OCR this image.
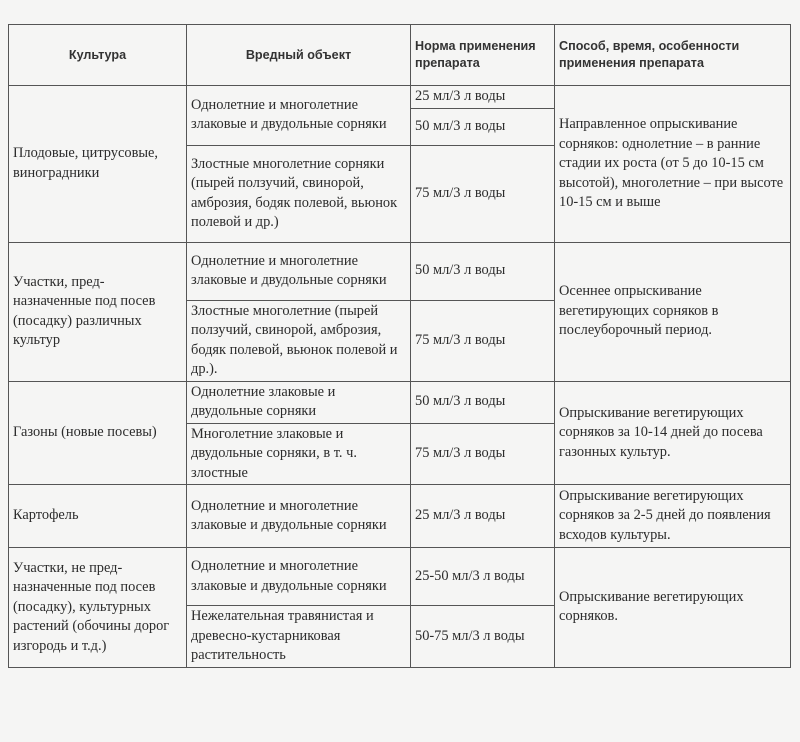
Культура	Вредный объект	Норма применения препарата	Способ, время, особенности применения препарата
Плодовые, цитрусовые, виноградники	Однолетние и многолетние злаковые и двудольные сорняки	25 мл/3 л воды	Направленное опрыскивание сорняков: однолетние – в ранние стадии их роста (от 5 до 10-15 см высотой), многолетние – при высоте 10-15 см и выше
		50 мл/3 л воды	
	Злостные многолетние сорняки (пырей ползучий, свинорой, амброзия, бодяк полевой, вьюнок полевой и др.)	75 мл/3 л воды	

Участки, пред-назначенные под посев (посадку) различных культур	Однолетние и многолетние злаковые и двудольные сорняки	50 мл/3 л воды	Осеннее опрыскивание вегетирующих сорняков в послеуборочный период.
	Злостные многолетние (пырей ползучий, свинорой, амброзия, бодяк полевой, вьюнок полевой и др.).	75 мл/3 л воды	
Газоны (новые посевы)	Однолетние злаковые и двудольные сорняки	50 мл/3 л воды	Опрыскивание вегетирующих сорняков за 10-14 дней до посева газонных культур.
	Многолетние злаковые и двудольные сорняки, в т. ч. злостные	75 мл/3 л воды	
Картофель	Однолетние и многолетние злаковые и двудольные сорняки	25 мл/3 л воды	Опрыскивание вегетирующих сорняков за 2-5 дней до появления всходов культуры.
Участки, не пред-назначенные под посев (посадку), культурных растений (обочины дорог изгородь и т.д.)	Однолетние и многолетние злаковые и двудольные сорняки	25-50 мл/3 л воды	Опрыскивание вегетирующих сорняков.
	Нежелательная травянистая и древесно-кустарниковая растительность	50-75 мл/3 л воды	
